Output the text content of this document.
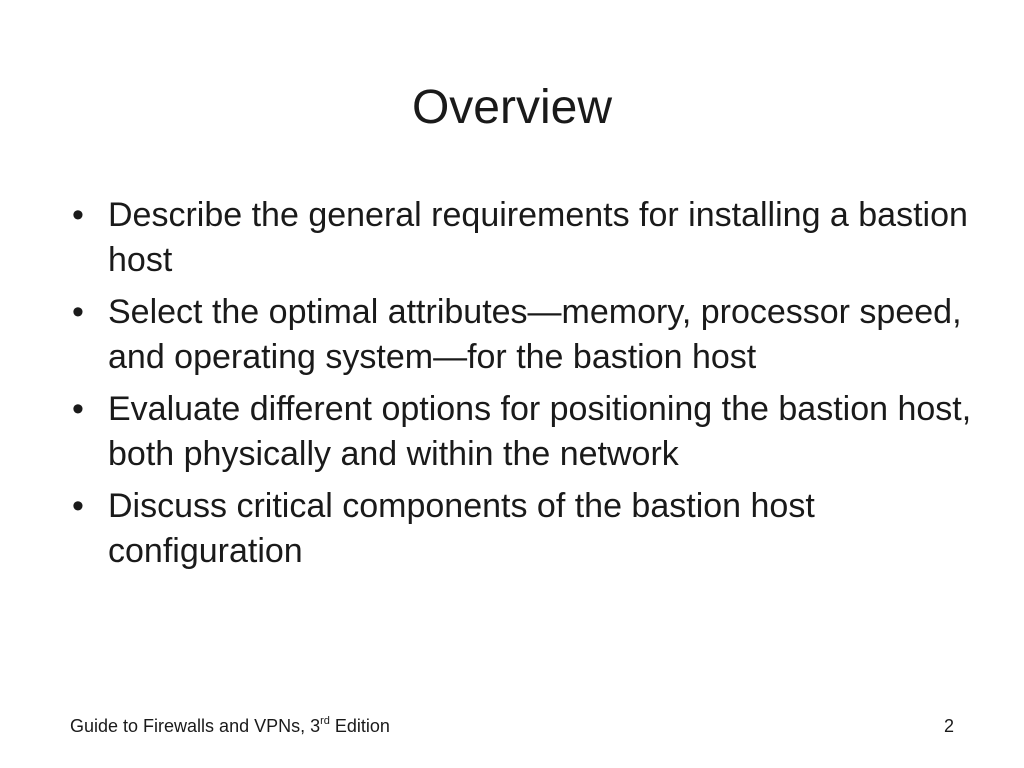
Overview
• Describe the general requirements for installing a bastion host
• Select the optimal attributes—memory, processor speed, and operating system—for the bastion host
• Evaluate different options for positioning the bastion host, both physically and within the network
• Discuss critical components of the bastion host configuration
Guide to Firewalls and VPNs, 3rd Edition	2
